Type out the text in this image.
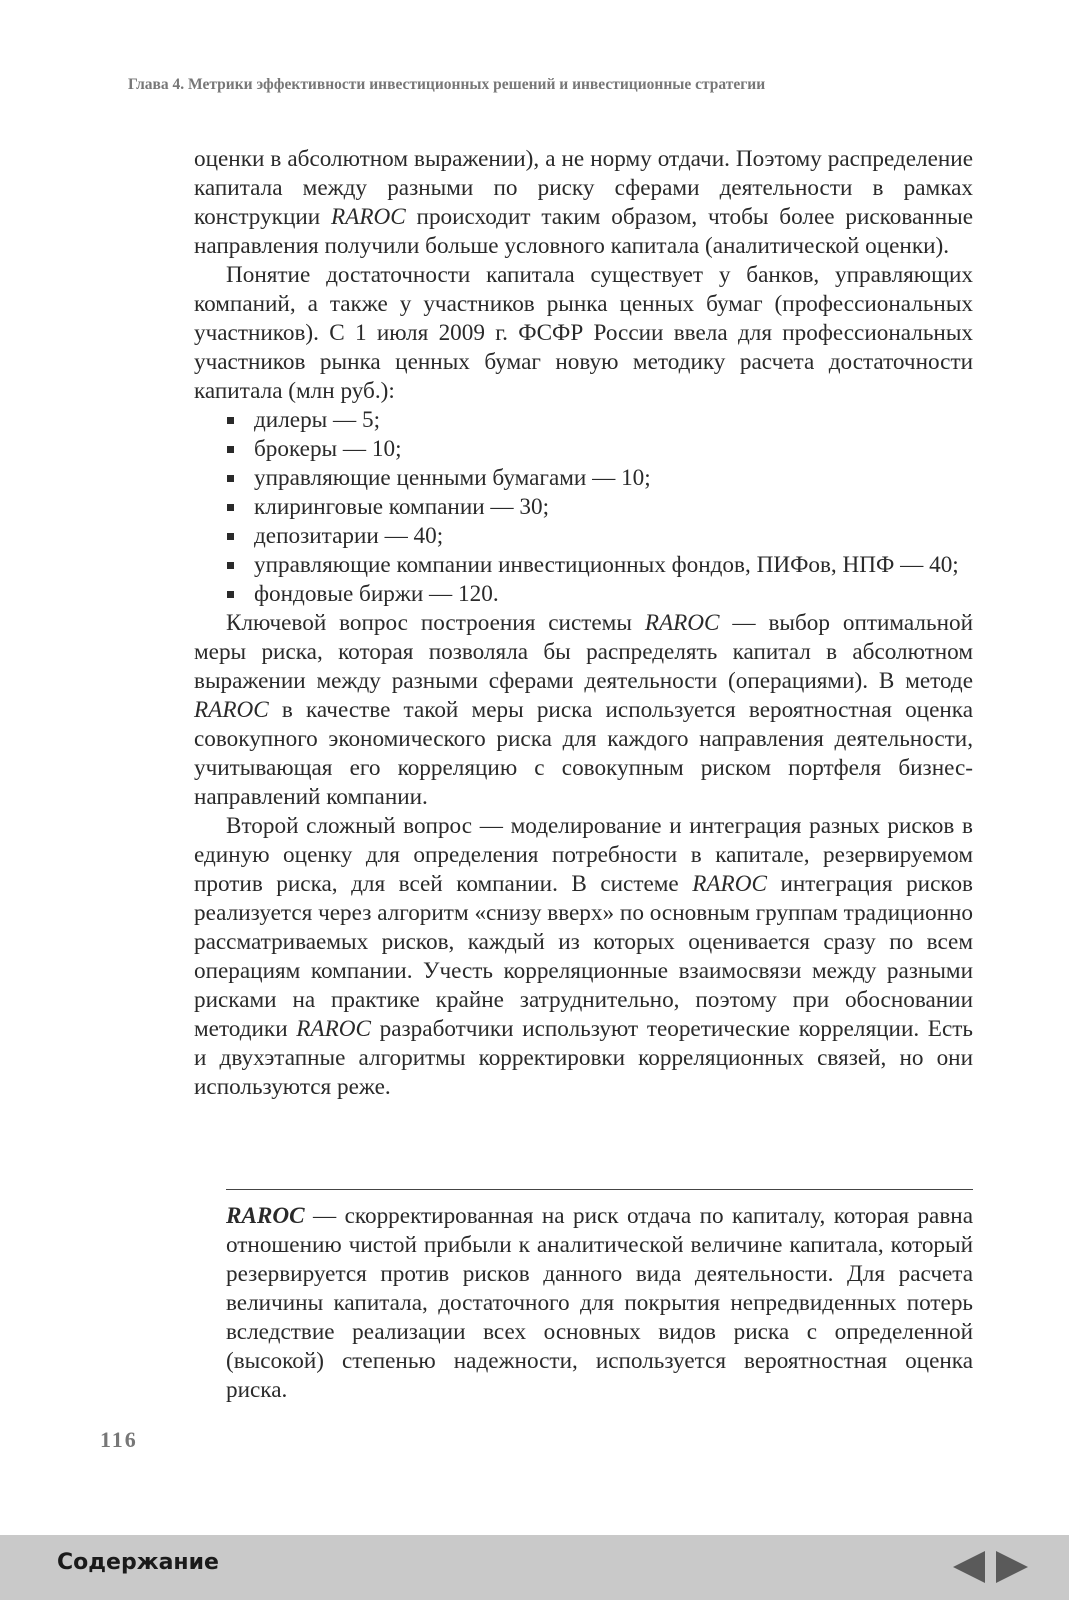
Глава 4. Метрики эффективности инвестиционных решений и инвестиционные стратегии

оценки в абсолютном выражении), а не норму отдачи. Поэтому распределение капитала между разными по риску сферами деятельности в рамках конструкции RAROC происходит таким образом, чтобы более рискованные направления получили больше условного капитала (аналитической оценки).

Понятие достаточности капитала существует у банков, управляющих компаний, а также у участников рынка ценных бумаг (профессиональных участников). С 1 июля 2009 г. ФСФР России ввела для профессиональных участников рынка ценных бумаг новую методику расчета достаточности капитала (млн руб.):

дилеры — 5;
брокеры — 10;
управляющие ценными бумагами — 10;
клиринговые компании — 30;
депозитарии — 40;
управляющие компании инвестиционных фондов, ПИФов, НПФ — 40;
фондовые биржи — 120.

Ключевой вопрос построения системы RAROC — выбор оптимальной меры риска, которая позволяла бы распределять капитал в абсолютном выражении между разными сферами деятельности (операциями). В методе RAROC в качестве такой меры риска используется вероятностная оценка совокупного экономического риска для каждого направления деятельности, учитывающая его корреляцию с совокупным риском портфеля бизнес-направлений компании.

Второй сложный вопрос — моделирование и интеграция разных рисков в единую оценку для определения потребности в капитале, резервируемом против риска, для всей компании. В системе RAROC интеграция рисков реализуется через алгоритм «снизу вверх» по основным группам традиционно рассматриваемых рисков, каждый из которых оценивается сразу по всем операциям компании. Учесть корреляционные взаимосвязи между разными рисками на практике крайне затруднительно, поэтому при обосновании методики RAROC разработчики используют теоретические корреляции. Есть и двухэтапные алгоритмы корректировки корреляционных связей, но они используются реже.

RAROC — скорректированная на риск отдача по капиталу, которая равна отношению чистой прибыли к аналитической величине капитала, который резервируется против рисков данного вида деятельности. Для расчета величины капитала, достаточного для покрытия непредвиденных потерь вследствие реализации всех основных видов риска с определенной (высокой) степенью надежности, используется вероятностная оценка риска.
116
Содержание
